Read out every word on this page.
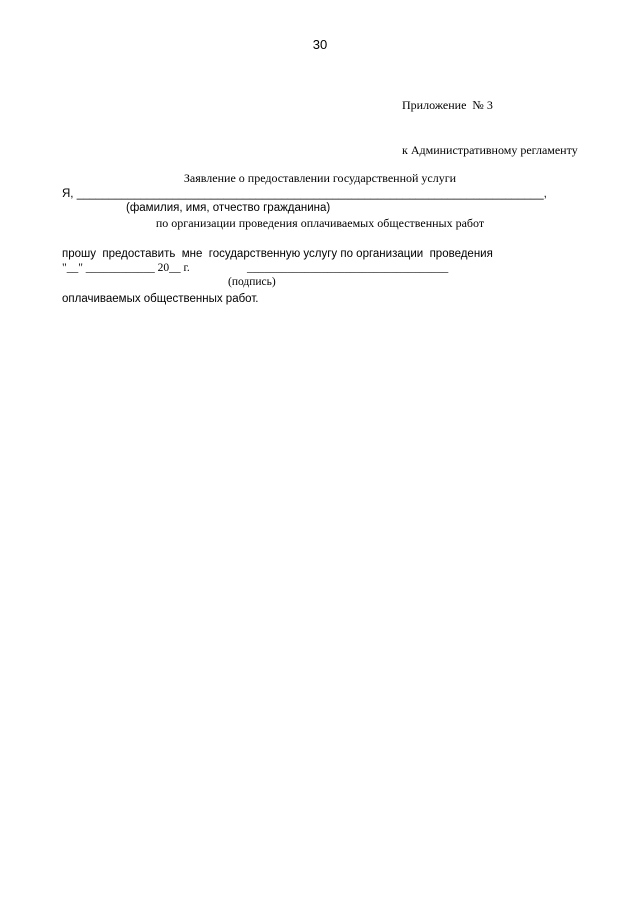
30

Приложение  № 3

к Административному регламенту

Заявление о предоставлении государственной услуги

по организации проведения оплачиваемых общественных работ

Я, _________________________________________________________________________,
(фамилия, имя, отчество гражданина)

прошу  предоставить  мне  государственную услугу по организации  проведения

оплачиваемых общественных работ.

"__" ____________ 20__ г.	___________________________________
(подпись)
